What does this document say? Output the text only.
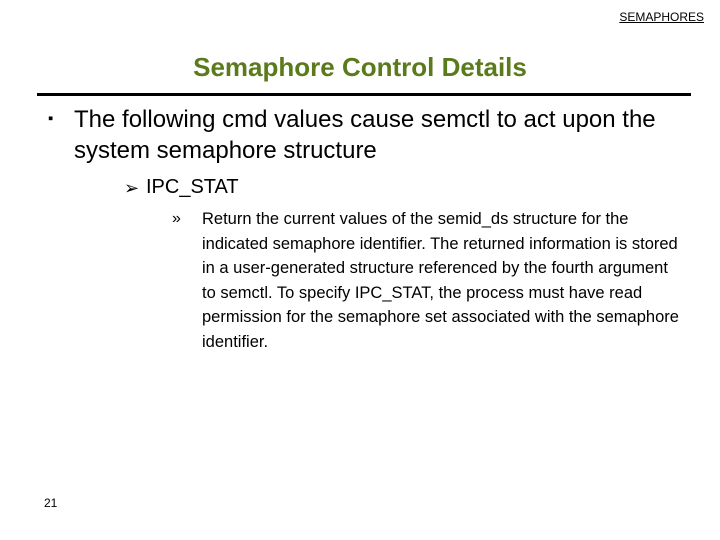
SEMAPHORES
Semaphore Control Details
▪ The following cmd values cause semctl to act upon the system semaphore structure
➢ IPC_STAT
» Return the current values of the semid_ds structure for the indicated semaphore identifier. The returned information is stored in a user-generated structure referenced by the fourth argument to semctl. To specify IPC_STAT, the process must have read permission for the semaphore set associated with the semaphore identifier.
21
